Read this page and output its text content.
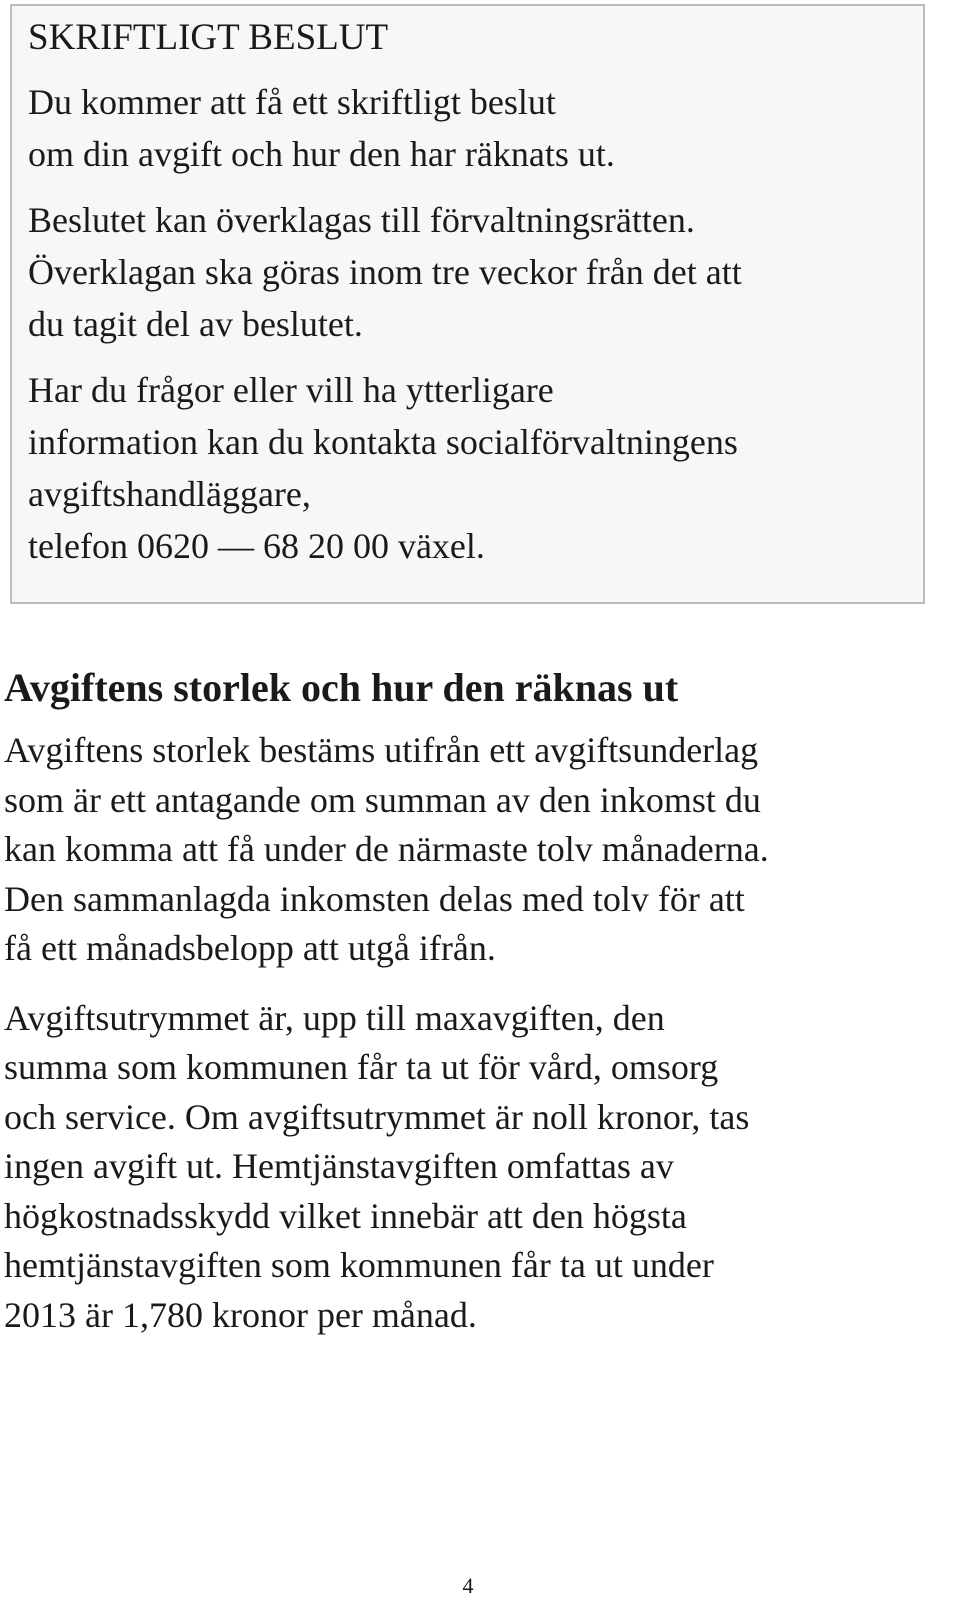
SKRIFTLIGT BESLUT

Du kommer att få ett skriftligt beslut
om din avgift och hur den har räknats ut.

Beslutet kan överklagas till förvaltningsrätten.
Överklagan ska göras inom tre veckor från det att
du tagit del av beslutet.

Har du frågor eller vill ha ytterligare
information kan du kontakta socialförvaltningens
avgiftshandläggare,
telefon 0620 — 68 20 00 växel.

Avgiftens storlek och hur den räknas ut

Avgiftens storlek bestäms utifrån ett avgiftsunderlag
som är ett antagande om summan av den inkomst du
kan komma att få under de närmaste tolv månaderna.
Den sammanlagda inkomsten delas med tolv för att
få ett månadsbelopp att utgå ifrån.

Avgiftsutrymmet är, upp till maxavgiften, den
summa som kommunen får ta ut för vård, omsorg
och service. Om avgiftsutrymmet är noll kronor, tas
ingen avgift ut. Hemtjänstavgiften omfattas av
högkostnadsskydd vilket innebär att den högsta
hemtjänstavgiften som kommunen får ta ut under
2013 är 1,780 kronor per månad.

4
